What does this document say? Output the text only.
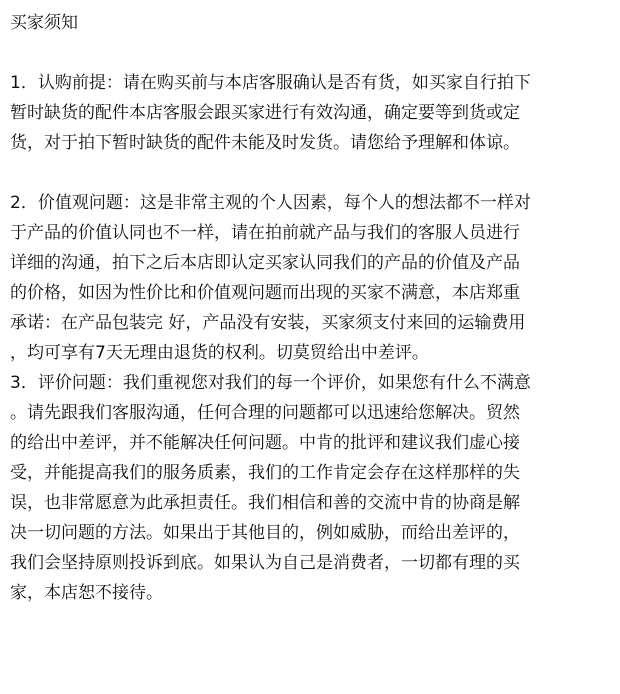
买家须知
1．认购前提：请在购买前与本店客服确认是否有货，如买家自行拍下
暂时缺货的配件本店客服会跟买家进行有效沟通，确定要等到货或定
货，对于拍下暂时缺货的配件未能及时发货。请您给予理解和体谅。
2．价值观问题：这是非常主观的个人因素，每个人的想法都不一样对
于产品的价值认同也不一样，请在拍前就产品与我们的客服人员进行
详细的沟通，拍下之后本店即认定买家认同我们的产品的价值及产品
的价格，如因为性价比和价值观问题而出现的买家不满意，本店郑重
承诺：在产品包装完 好，产品没有安装，买家须支付来回的运输费用
，均可享有7天无理由退货的权利。切莫贸给出中差评。
3．评价问题：我们重视您对我们的每一个评价，如果您有什么不满意
。请先跟我们客服沟通，任何合理的问题都可以迅速给您解决。贸然
的给出中差评，并不能解决任何问题。中肯的批评和建议我们虚心接
受，并能提高我们的服务质素，我们的工作肯定会存在这样那样的失
误，也非常愿意为此承担责任。我们相信和善的交流中肯的协商是解
决一切问题的方法。如果出于其他目的，例如威胁，而给出差评的，
我们会坚持原则投诉到底。如果认为自己是消费者，一切都有理的买
家，本店恕不接待。
